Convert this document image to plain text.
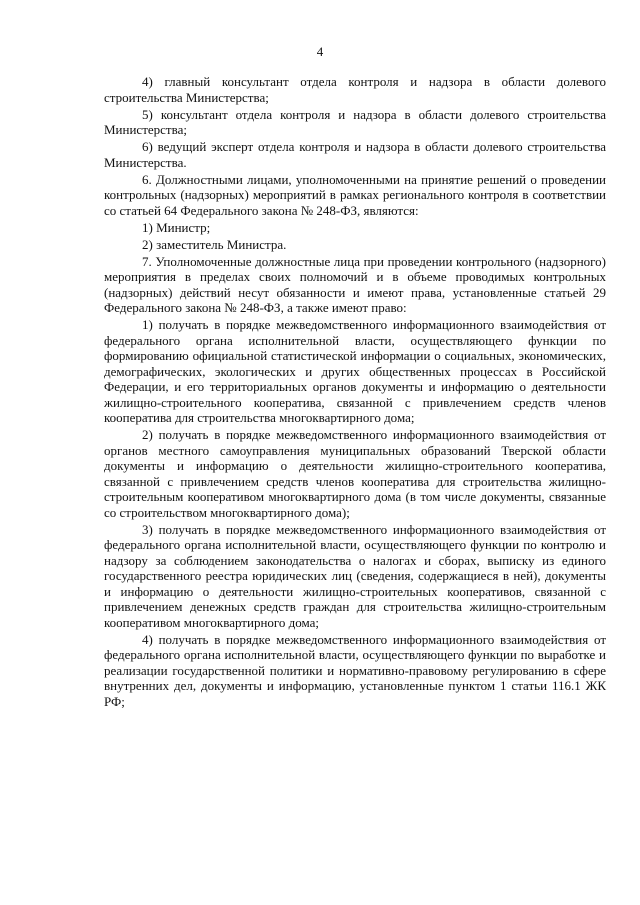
4

4) главный консультант отдела контроля и надзора в области долевого строительства Министерства;

5) консультант отдела контроля и надзора в области долевого строительства Министерства;

6) ведущий эксперт отдела контроля и надзора в области долевого строительства Министерства.

6. Должностными лицами, уполномоченными на принятие решений о проведении контрольных (надзорных) мероприятий в рамках регионального контроля в соответствии со статьей 64 Федерального закона № 248-ФЗ, являются:

1) Министр;

2) заместитель Министра.

7. Уполномоченные должностные лица при проведении контрольного (надзорного) мероприятия в пределах своих полномочий и в объеме проводимых контрольных (надзорных) действий несут обязанности и имеют права, установленные статьей 29 Федерального закона № 248-ФЗ, а также имеют право:

1) получать в порядке межведомственного информационного взаимодействия от федерального органа исполнительной власти, осуществляющего функции по формированию официальной статистической информации о социальных, экономических, демографических, экологических и других общественных процессах в Российской Федерации, и его территориальных органов документы и информацию о деятельности жилищно-строительного кооператива, связанной с привлечением средств членов кооператива для строительства многоквартирного дома;

2) получать в порядке межведомственного информационного взаимодействия от органов местного самоуправления муниципальных образований Тверской области документы и информацию о деятельности жилищно-строительного кооператива, связанной с привлечением средств членов кооператива для строительства жилищно-строительным кооперативом многоквартирного дома (в том числе документы, связанные со строительством многоквартирного дома);

3) получать в порядке межведомственного информационного взаимодействия от федерального органа исполнительной власти, осуществляющего функции по контролю и надзору за соблюдением законодательства о налогах и сборах, выписку из единого государственного реестра юридических лиц (сведения, содержащиеся в ней), документы и информацию о деятельности жилищно-строительных кооперативов, связанной с привлечением денежных средств граждан для строительства жилищно-строительным кооперативом многоквартирного дома;

4) получать в порядке межведомственного информационного взаимодействия от федерального органа исполнительной власти, осуществляющего функции по выработке и реализации государственной политики и нормативно-правовому регулированию в сфере внутренних дел, документы и информацию, установленные пунктом 1 статьи 116.1 ЖК РФ;
